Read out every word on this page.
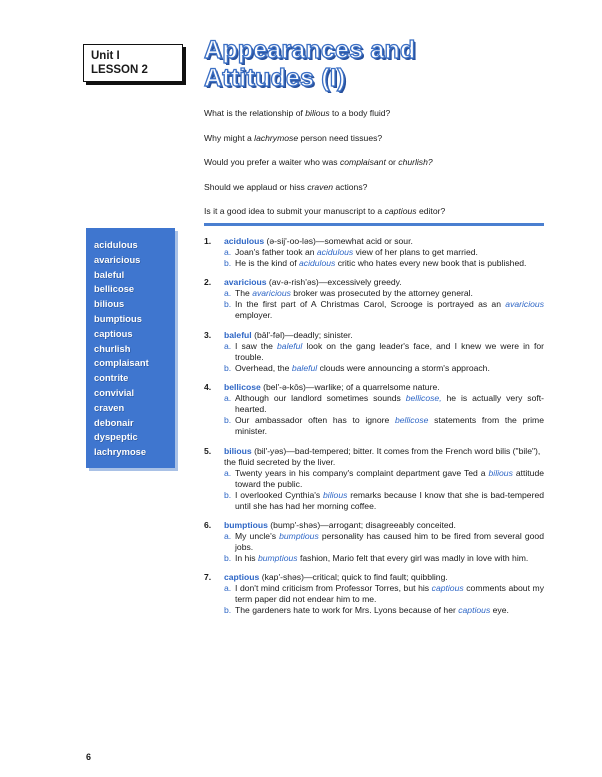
Unit I
LESSON 2
Appearances and
Attitudes (I)

What is the relationship of bilious to a body fluid?

Why might a lachrymose person need tissues?

Would you prefer a waiter who was complaisant or churlish?

Should we applaud or hiss craven actions?

Is it a good idea to submit your manuscript to a captious editor?

acidulous
avaricious
baleful
bellicose
bilious
bumptious
captious
churlish
complaisant
contrite
convivial
craven
debonair
dyspeptic
lachrymose
1. acidulous (ə-sij'-oo-ləs)—somewhat acid or sour.
a. Joan's father took an acidulous view of her plans to get married.
b. He is the kind of acidulous critic who hates every new book that is published.
2. avaricious (av-ə-rish'əs)—excessively greedy.
a. The avaricious broker was prosecuted by the attorney general.
b. In the first part of A Christmas Carol, Scrooge is portrayed as an avaricious employer.
3. baleful (bāl'-fəl)—deadly; sinister.
a. I saw the baleful look on the gang leader's face, and I knew we were in for trouble.
b. Overhead, the baleful clouds were announcing a storm's approach.
4. bellicose (bel'-ə-kōs)—warlike; of a quarrelsome nature.
a. Although our landlord sometimes sounds bellicose, he is actually very soft-hearted.
b. Our ambassador often has to ignore bellicose statements from the prime minister.
5. bilious (bil'-yəs)—bad-tempered; bitter. It comes from the French word bilis ("bile"), the fluid secreted by the liver.
a. Twenty years in his company's complaint department gave Ted a bilious attitude toward the public.
b. I overlooked Cynthia's bilious remarks because I know that she is bad-tempered until she has had her morning coffee.
6. bumptious (bump'-shəs)—arrogant; disagreeably conceited.
a. My uncle's bumptious personality has caused him to be fired from several good jobs.
b. In his bumptious fashion, Mario felt that every girl was madly in love with him.
7. captious (kap'-shəs)—critical; quick to find fault; quibbling.
a. I don't mind criticism from Professor Torres, but his captious comments about my term paper did not endear him to me.
b. The gardeners hate to work for Mrs. Lyons because of her captious eye.
6
